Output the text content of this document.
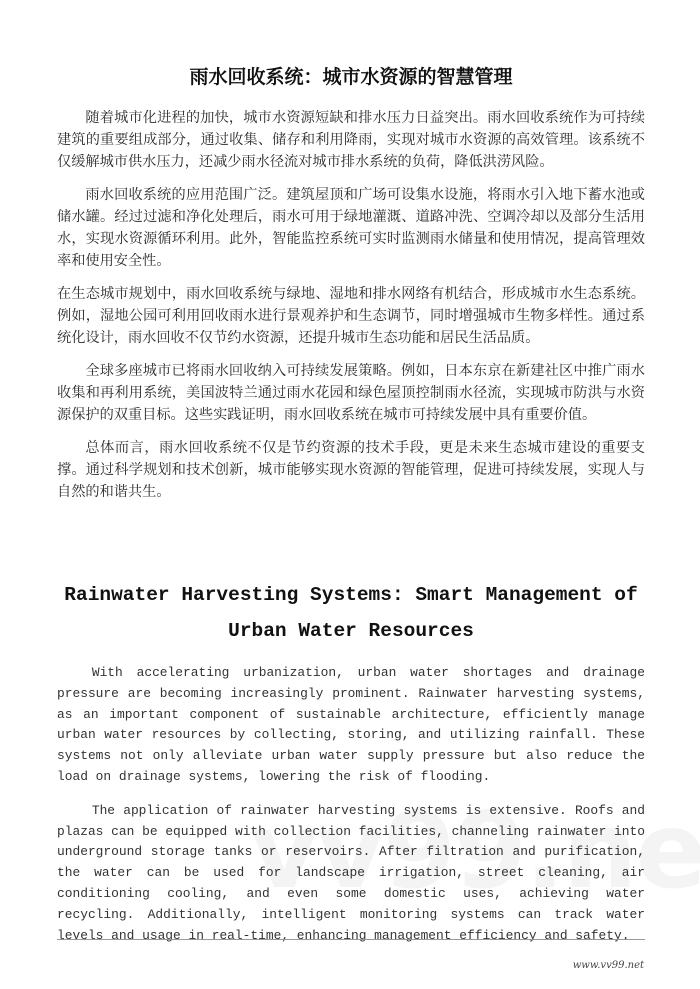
雨水回收系统：城市水资源的智慧管理

随着城市化进程的加快，城市水资源短缺和排水压力日益突出。雨水回收系统作为可持续建筑的重要组成部分，通过收集、储存和利用降雨，实现对城市水资源的高效管理。该系统不仅缓解城市供水压力，还减少雨水径流对城市排水系统的负荷，降低洪涝风险。

雨水回收系统的应用范围广泛。建筑屋顶和广场可设集水设施，将雨水引入地下蓄水池或储水罐。经过过滤和净化处理后，雨水可用于绿地灌溉、道路冲洗、空调冷却以及部分生活用水，实现水资源循环利用。此外，智能监控系统可实时监测雨水储量和使用情况，提高管理效率和使用安全性。

在生态城市规划中，雨水回收系统与绿地、湿地和排水网络有机结合，形成城市水生态系统。例如，湿地公园可利用回收雨水进行景观养护和生态调节，同时增强城市生物多样性。通过系统化设计，雨水回收不仅节约水资源，还提升城市生态功能和居民生活品质。

全球多座城市已将雨水回收纳入可持续发展策略。例如，日本东京在新建社区中推广雨水收集和再利用系统，美国波特兰通过雨水花园和绿色屋顶控制雨水径流，实现城市防洪与水资源保护的双重目标。这些实践证明，雨水回收系统在城市可持续发展中具有重要价值。

总体而言，雨水回收系统不仅是节约资源的技术手段，更是未来生态城市建设的重要支撑。通过科学规划和技术创新，城市能够实现水资源的智能管理，促进可持续发展，实现人与自然的和谐共生。

Rainwater Harvesting Systems: Smart Management of Urban Water Resources

With accelerating urbanization, urban water shortages and drainage pressure are becoming increasingly prominent. Rainwater harvesting systems, as an important component of sustainable architecture, efficiently manage urban water resources by collecting, storing, and utilizing rainfall. These systems not only alleviate urban water supply pressure but also reduce the load on drainage systems, lowering the risk of flooding.

The application of rainwater harvesting systems is extensive. Roofs and plazas can be equipped with collection facilities, channeling rainwater into underground storage tanks or reservoirs. After filtration and purification, the water can be used for landscape irrigation, street cleaning, air conditioning cooling, and even some domestic uses, achieving water recycling. Additionally, intelligent monitoring systems can track water levels and usage in real-time, enhancing management efficiency and safety.

www.vv99.net
